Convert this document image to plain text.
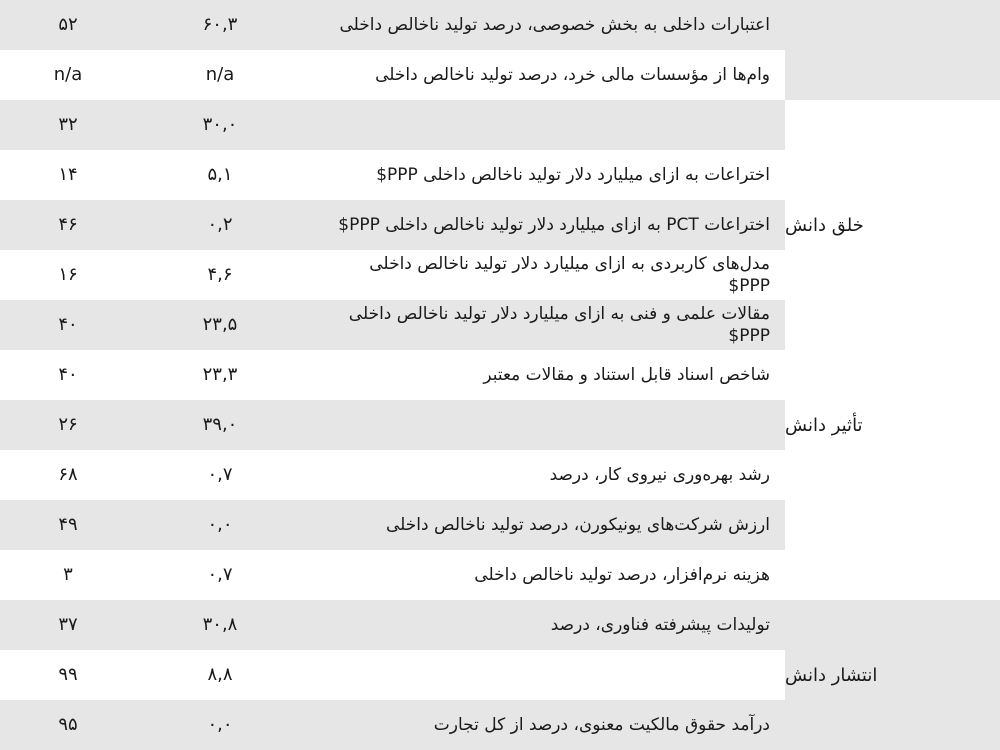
خلق دانش
تأثیر دانش
انتشار دانش
اعتبارات داخلی به بخش خصوصی، درصد تولید ناخالص داخلی
۶۰,۳
۵۲
وام‌ها از مؤسسات مالی خرد، درصد تولید ناخالص داخلی
n/a
n/a
۳۰,۰
۳۲
اختراعات به ازای میلیارد دلار تولید ناخالص داخلی PPP$
۵,۱
۱۴
اختراعات PCT به ازای میلیارد دلار تولید ناخالص داخلی PPP$
۰,۲
۴۶
مدل‌های کاربردی به ازای میلیارد دلار تولید ناخالص داخلی PPP$
۴,۶
۱۶
مقالات علمی و فنی به ازای میلیارد دلار تولید ناخالص داخلی PPP$
۲۳,۵
۴۰
شاخص اسناد قابل استناد و مقالات معتبر
۲۳,۳
۴۰
۳۹,۰
۲۶
رشد بهره‌وری نیروی کار، درصد
۰,۷
۶۸
ارزش شرکت‌های یونیکورن، درصد تولید ناخالص داخلی
۰,۰
۴۹
هزینه نرم‌افزار، درصد تولید ناخالص داخلی
۰,۷
۳
تولیدات پیشرفته فناوری، درصد
۳۰,۸
۳۷
۸,۸
۹۹
درآمد حقوق مالکیت معنوی، درصد از کل تجارت
۰,۰
۹۵
